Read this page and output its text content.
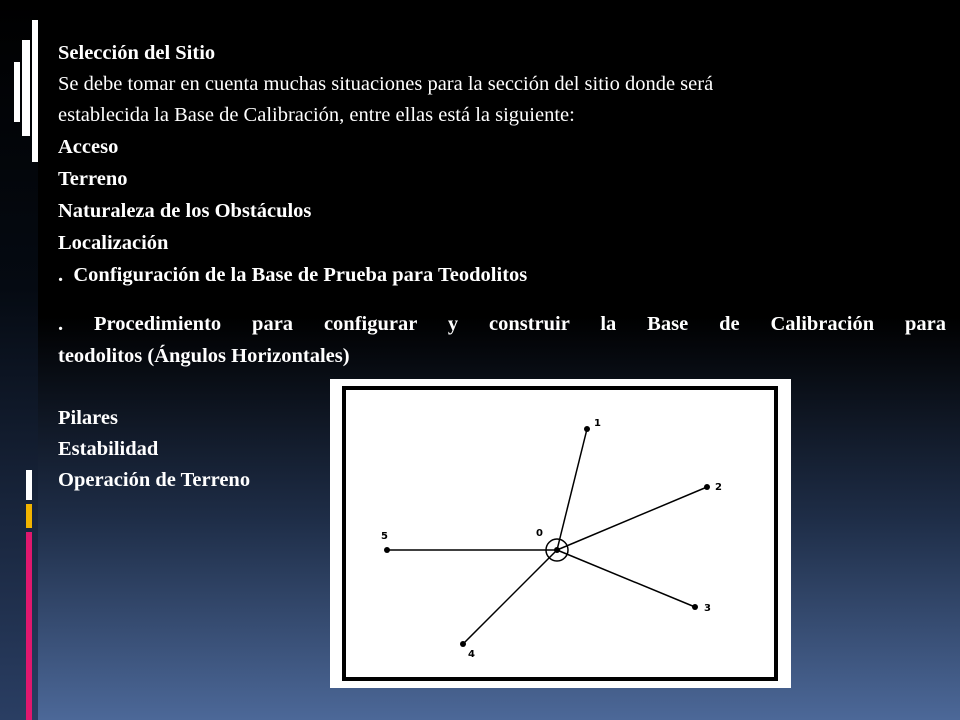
Selección del Sitio
Se debe tomar en cuenta muchas situaciones para la sección del sitio donde será
establecida la Base de Calibración, entre ellas está la siguiente:
Acceso
Terreno
Naturaleza de los Obstáculos
Localización
.  Configuración de la Base de Prueba para Teodolitos
. Procedimiento para configurar y construir la Base de Calibración para
teodolitos (Ángulos Horizontales)
Pilares
Estabilidad
Operación de Terreno
0
1
2
3
4
5
